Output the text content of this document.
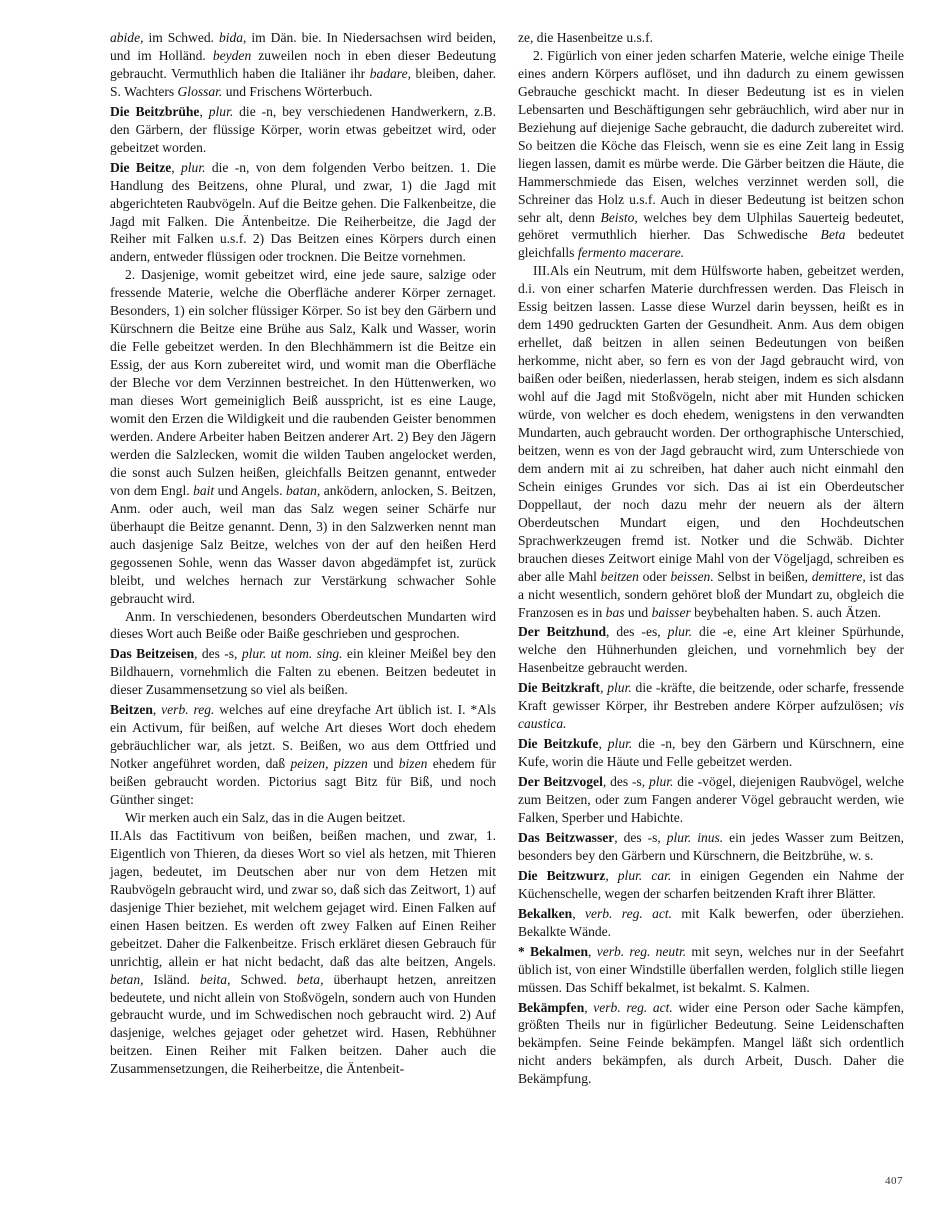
abide, im Schwed. bida, im Dän. bie. In Niedersachsen wird beiden, und im Holländ. beyden zuweilen noch in eben dieser Bedeutung gebraucht. Vermuthlich haben die Italiäner ihr badare, bleiben, daher. S. Wachters Glossar. und Frischens Wörterbuch.

Die Beitzbrühe, plur. die -n, bey verschiedenen Handwerkern, z.B. den Gärbern, der flüssige Körper, worin etwas gebeitzet wird, oder gebeitzet worden.

Die Beitze, plur. die -n, von dem folgenden Verbo beitzen. 1. Die Handlung des Beitzens, ohne Plural, und zwar, 1) die Jagd mit abgerichteten Raubvögeln. Auf die Beitze gehen. Die Falkenbeitze, die Jagd mit Falken. Die Äntenbeitze. Die Reiherbeitze, die Jagd der Reiher mit Falken u.s.f. 2) Das Beitzen eines Körpers durch einen andern, entweder flüssigen oder trocknen. Die Beitze vornehmen.

2. Dasjenige, womit gebeitzet wird, eine jede saure, salzige oder fressende Materie, welche die Oberfläche anderer Körper zernaget. Besonders, 1) ein solcher flüssiger Körper. So ist bey den Gärbern und Kürschnern die Beitze eine Brühe aus Salz, Kalk und Wasser, worin die Felle gebeitzet werden. In den Blechhämmern ist die Beitze ein Essig, der aus Korn zubereitet wird, und womit man die Oberfläche der Bleche vor dem Verzinnen bestreichet. In den Hüttenwerken, wo man dieses Wort gemeiniglich Beiß ausspricht, ist es eine Lauge, womit den Erzen die Wildigkeit und die raubenden Geister benommen werden. Andere Arbeiter haben Beitzen anderer Art. 2) Bey den Jägern werden die Salzlecken, womit die wilden Tauben angelocket werden, die sonst auch Sulzen heißen, gleichfalls Beitzen genannt, entweder von dem Engl. bait und Angels. batan, anködern, anlocken, S. Beitzen, Anm. oder auch, weil man das Salz wegen seiner Schärfe nur überhaupt die Beitze genannt. Denn, 3) in den Salzwerken nennt man auch dasjenige Salz Beitze, welches von der auf den heißen Herd gegossenen Sohle, wenn das Wasser davon abgedämpfet ist, zurück bleibt, und welches hernach zur Verstärkung schwacher Sohle gebraucht wird.

Anm. In verschiedenen, besonders Oberdeutschen Mundarten wird dieses Wort auch Beiße oder Baiße geschrieben und gesprochen.

Das Beitzeisen, des -s, plur. ut nom. sing. ein kleiner Meißel bey den Bildhauern, vornehmlich die Falten zu ebenen. Beitzen bedeutet in dieser Zusammensetzung so viel als beißen.

Beitzen, verb. reg. welches auf eine dreyfache Art üblich ist. I. *Als ein Activum, für beißen, auf welche Art dieses Wort doch ehedem gebräuchlicher war, als jetzt. S. Beißen, wo aus dem Ottfried und Notker angeführet worden, daß peizen, pizzen und bizen ehedem für beißen gebraucht worden. Pictorius sagt Bitz für Biß, und noch Günther singet:

Wir merken auch ein Salz, das in die Augen beitzet.

II.Als das Factitivum von beißen, beißen machen, und zwar, 1. Eigentlich von Thieren, da dieses Wort so viel als hetzen, mit Thieren jagen, bedeutet, im Deutschen aber nur von dem Hetzen mit Raubvögeln gebraucht wird, und zwar so, daß sich das Zeitwort, 1) auf dasjenige Thier beziehet, mit welchem gejaget wird. Einen Falken auf einen Hasen beitzen. Es werden oft zwey Falken auf Einen Reiher gebeitzet. Daher die Falkenbeitze. Frisch erkläret diesen Gebrauch für unrichtig, allein er hat nicht bedacht, daß das alte beitzen, Angels. betan, Isländ. beita, Schwed. beta, überhaupt hetzen, anreitzen bedeutete, und nicht allein von Stoßvögeln, sondern auch von Hunden gebraucht wurde, und im Schwedischen noch gebraucht wird. 2) Auf dasjenige, welches gejaget oder gehetzet wird. Hasen, Rebhühner beitzen. Einen Reiher mit Falken beitzen. Daher auch die Zusammensetzungen, die Reiherbeitze, die Äntenbeit-

ze, die Hasenbeitze u.s.f.

2. Figürlich von einer jeden scharfen Materie, welche einige Theile eines andern Körpers auflöset, und ihn dadurch zu einem gewissen Gebrauche geschickt macht. In dieser Bedeutung ist es in vielen Lebensarten und Beschäftigungen sehr gebräuchlich, wird aber nur in Beziehung auf diejenige Sache gebraucht, die dadurch zubereitet wird. So beitzen die Köche das Fleisch, wenn sie es eine Zeit lang in Essig liegen lassen, damit es mürbe werde. Die Gärber beitzen die Häute, die Hammerschmiede das Eisen, welches verzinnet werden soll, die Schreiner das Holz u.s.f. Auch in dieser Bedeutung ist beitzen schon sehr alt, denn Beisto, welches bey dem Ulphilas Sauerteig bedeutet, gehöret vermuthlich hierher. Das Schwedische Beta bedeutet gleichfalls fermento macerare.

III.Als ein Neutrum, mit dem Hülfsworte haben, gebeitzet werden, d.i. von einer scharfen Materie durchfressen werden. Das Fleisch in Essig beitzen lassen. Lasse diese Wurzel darin beyssen, heißt es in dem 1490 gedruckten Garten der Gesundheit. Anm. Aus dem obigen erhellet, daß beitzen in allen seinen Bedeutungen von beißen herkomme, nicht aber, so fern es von der Jagd gebraucht wird, von baißen oder beißen, niederlassen, herab steigen, indem es sich alsdann wohl auf die Jagd mit Stoßvögeln, nicht aber mit Hunden schicken würde, von welcher es doch ehedem, wenigstens in den verwandten Mundarten, auch gebraucht worden. Der orthographische Unterschied, beitzen, wenn es von der Jagd gebraucht wird, zum Unterschiede von dem andern mit ai zu schreiben, hat daher auch nicht einmahl den Schein einiges Grundes vor sich. Das ai ist ein Oberdeutscher Doppellaut, der noch dazu mehr der neuern als der ältern Oberdeutschen Mundart eigen, und den Hochdeutschen Sprachwerkzeugen fremd ist. Notker und die Schwäb. Dichter brauchen dieses Zeitwort einige Mahl von der Vögeljagd, schreiben es aber alle Mahl beitzen oder beissen. Selbst in beißen, demittere, ist das a nicht wesentlich, sondern gehöret bloß der Mundart zu, obgleich die Franzosen es in bas und baisser beybehalten haben. S. auch Ätzen.

Der Beitzhund, des -es, plur. die -e, eine Art kleiner Spürhunde, welche den Hühnerhunden gleichen, und vornehmlich bey der Hasenbeitze gebraucht werden.

Die Beitzkraft, plur. die -kräfte, die beitzende, oder scharfe, fressende Kraft gewisser Körper, ihr Bestreben andere Körper aufzulösen; vis caustica.

Die Beitzkufe, plur. die -n, bey den Gärbern und Kürschnern, eine Kufe, worin die Häute und Felle gebeitzet werden.

Der Beitzvogel, des -s, plur. die -vögel, diejenigen Raubvögel, welche zum Beitzen, oder zum Fangen anderer Vögel gebraucht werden, wie Falken, Sperber und Habichte.

Das Beitzwasser, des -s, plur. inus. ein jedes Wasser zum Beitzen, besonders bey den Gärbern und Kürschnern, die Beitzbrühe, w. s.

Die Beitzwurz, plur. car. in einigen Gegenden ein Nahme der Küchenschelle, wegen der scharfen beitzenden Kraft ihrer Blätter.

Bekalken, verb. reg. act. mit Kalk bewerfen, oder überziehen. Bekalkte Wände.

* Bekalmen, verb. reg. neutr. mit seyn, welches nur in der Seefahrt üblich ist, von einer Windstille überfallen werden, folglich stille liegen müssen. Das Schiff bekalmet, ist bekalmt. S. Kalmen.

Bekämpfen, verb. reg. act. wider eine Person oder Sache kämpfen, größten Theils nur in figürlicher Bedeutung. Seine Leidenschaften bekämpfen. Seine Feinde bekämpfen. Mangel läßt sich ordentlich nicht anders bekämpfen, als durch Arbeit, Dusch. Daher die Bekämpfung.

407
